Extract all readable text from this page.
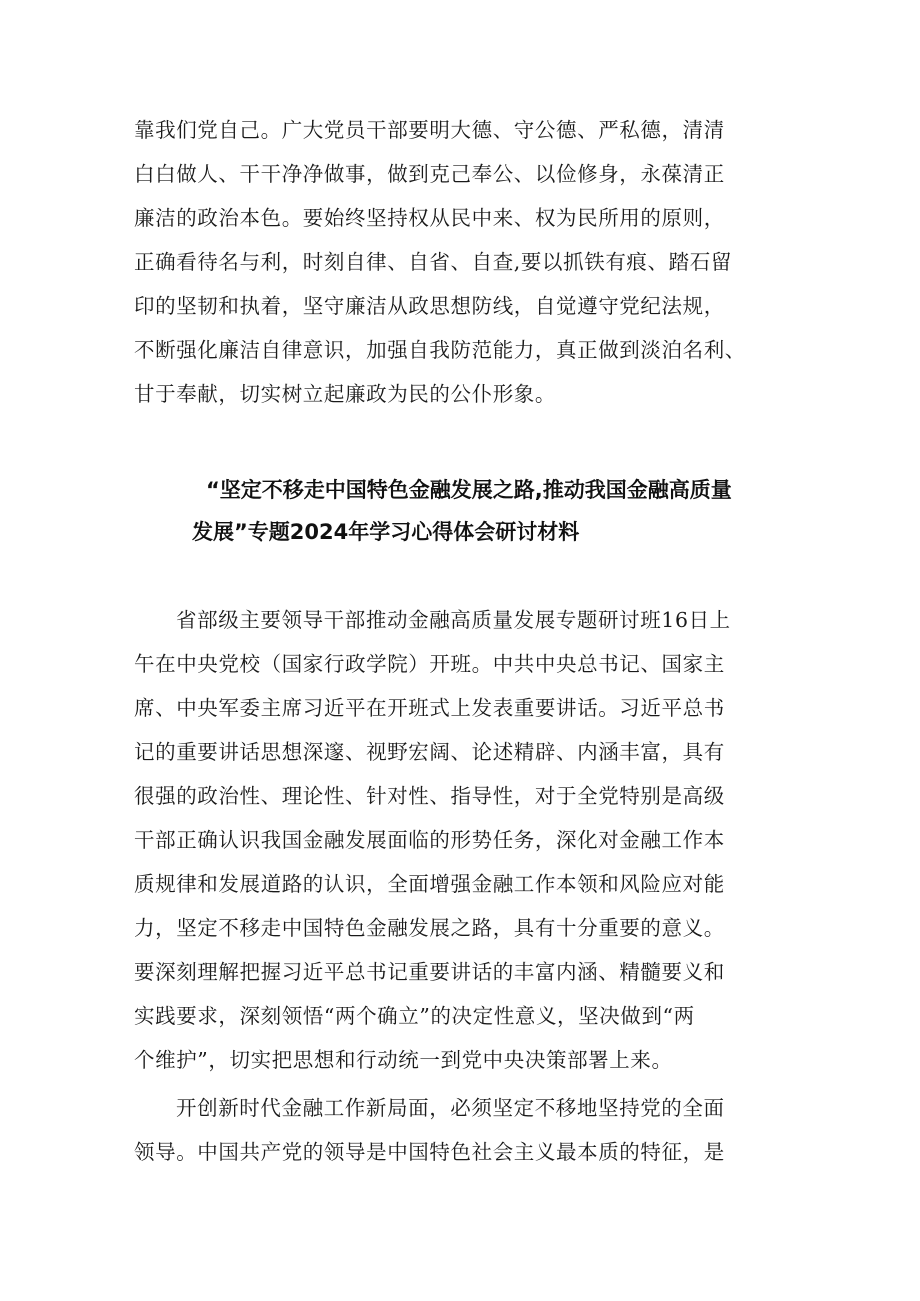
靠我们党自己。广大党员干部要明大德、守公德、严私德，清清
白白做人、干干净净做事，做到克己奉公、以俭修身，永葆清正
廉洁的政治本色。要始终坚持权从民中来、权为民所用的原则，
正确看待名与利，时刻自律、自省、自查,要以抓铁有痕、踏石留
印的坚韧和执着，坚守廉洁从政思想防线，自觉遵守党纪法规，
不断强化廉洁自律意识，加强自我防范能力，真正做到淡泊名利、
甘于奉献，切实树立起廉政为民的公仆形象。
“坚定不移走中国特色金融发展之路,推动我国金融高质量
发展”专题2024年学习心得体会研讨材料
省部级主要领导干部推动金融高质量发展专题研讨班16日上
午在中央党校（国家行政学院）开班。中共中央总书记、国家主
席、中央军委主席习近平在开班式上发表重要讲话。习近平总书
记的重要讲话思想深邃、视野宏阔、论述精辟、内涵丰富，具有
很强的政治性、理论性、针对性、指导性，对于全党特别是高级
干部正确认识我国金融发展面临的形势任务，深化对金融工作本
质规律和发展道路的认识，全面增强金融工作本领和风险应对能
力，坚定不移走中国特色金融发展之路，具有十分重要的意义。
要深刻理解把握习近平总书记重要讲话的丰富内涵、精髓要义和
实践要求，深刻领悟“两个确立”的决定性意义，坚决做到“两
个维护”，切实把思想和行动统一到党中央决策部署上来。
开创新时代金融工作新局面，必须坚定不移地坚持党的全面
领导。中国共产党的领导是中国特色社会主义最本质的特征，是
